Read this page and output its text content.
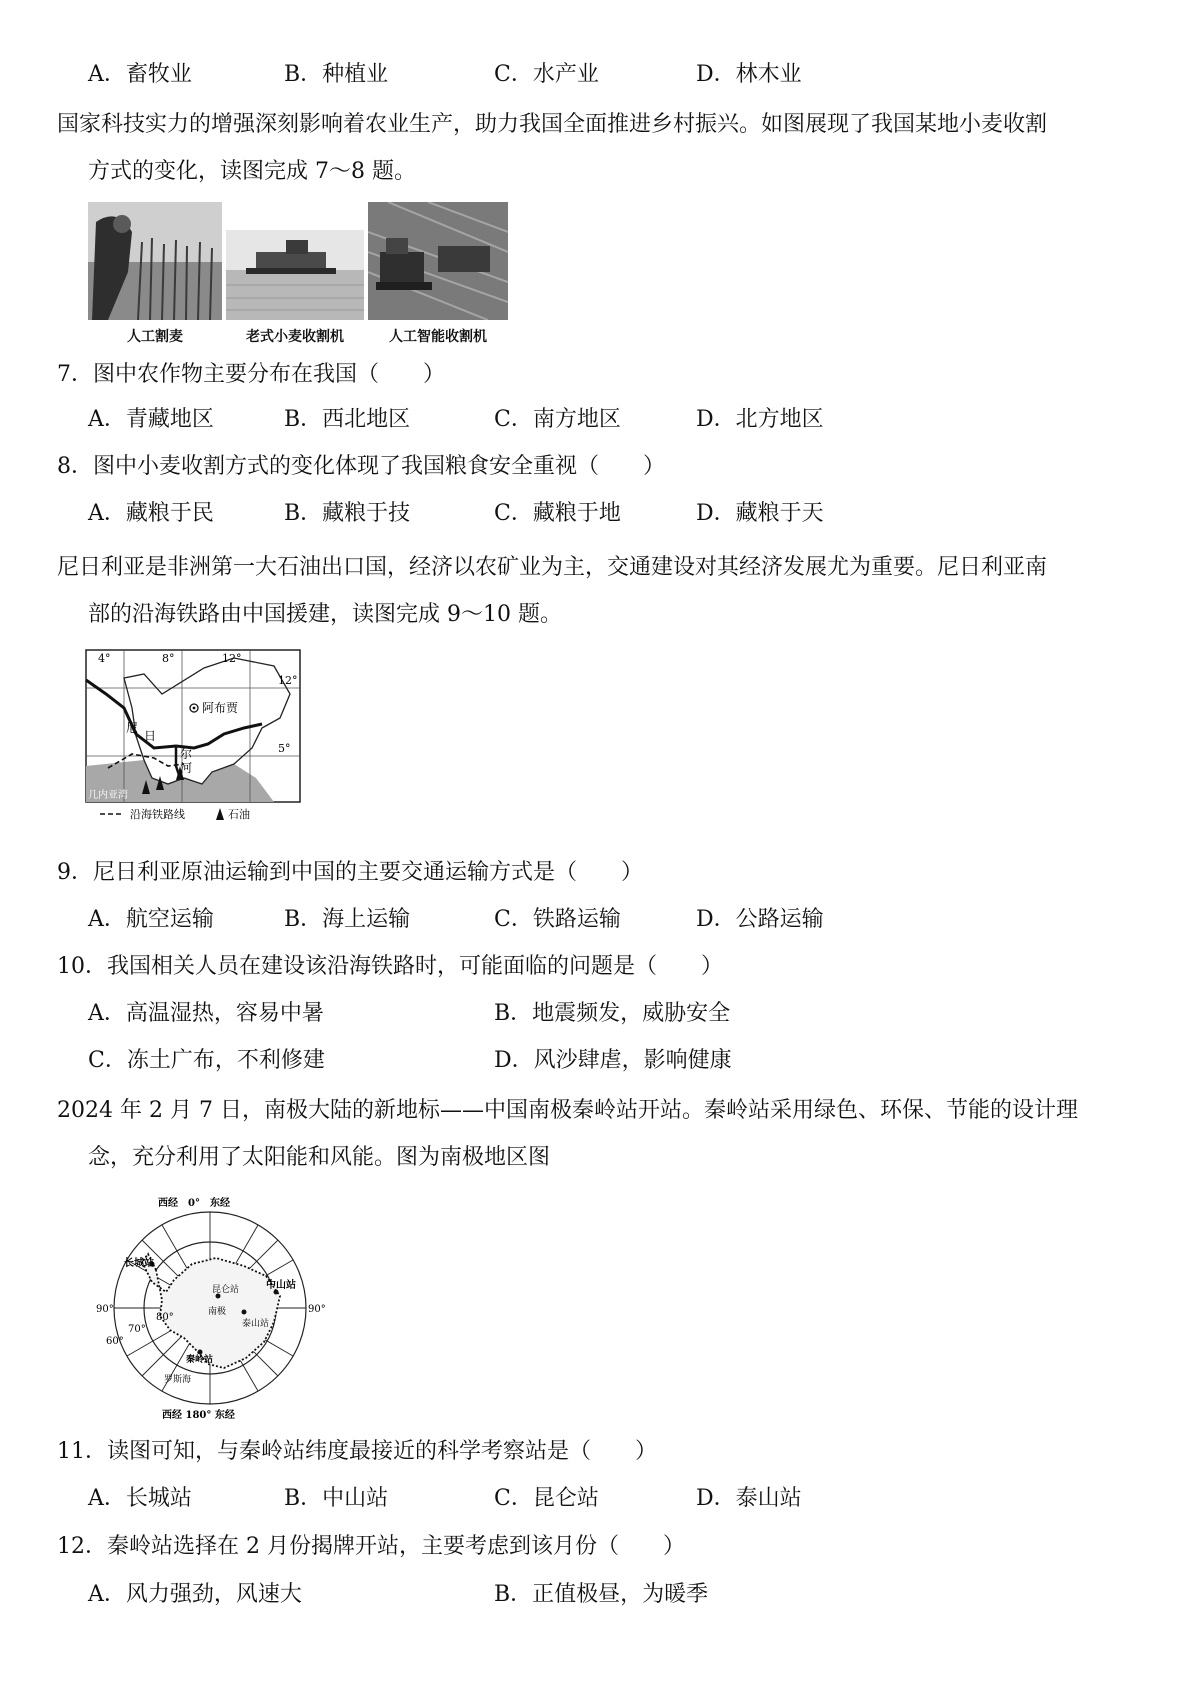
A．畜牧业	B．种植业	C．水产业	D．林木业
国家科技实力的增强深刻影响着农业生产，助力我国全面推进乡村振兴。如图展现了我国某地小麦收割
方式的变化，读图完成 7～8 题。
人工割麦	老式小麦收割机	人工智能收割机
7．图中农作物主要分布在我国（　　）
A．青藏地区	B．西北地区	C．南方地区	D．北方地区
8．图中小麦收割方式的变化体现了我国粮食安全重视（　　）
A．藏粮于民	B．藏粮于技	C．藏粮于地	D．藏粮于天
尼日利亚是非洲第一大石油出口国，经济以农矿业为主，交通建设对其经济发展尤为重要。尼日利亚南
部的沿海铁路由中国援建，读图完成 9～10 题。
4°	8°	12°
12°
5°
阿布贾
尼
日
尔
河
几内亚湾
沿海铁路线	石油
9．尼日利亚原油运输到中国的主要交通运输方式是（　　）
A．航空运输	B．海上运输	C．铁路运输	D．公路运输
10．我国相关人员在建设该沿海铁路时，可能面临的问题是（　　）
A．高温湿热，容易中暑	B．地震频发，威胁安全
C．冻土广布，不利修建	D．风沙肆虐，影响健康
2024 年 2 月 7 日，南极大陆的新地标——中国南极秦岭站开站。秦岭站采用绿色、环保、节能的设计理
念，充分利用了太阳能和风能。图为南极地区图
西经　0°　东经
西经 180° 东经
90°	90°
60°
70°
80°
长城站
中山站
昆仑站
泰山站
秦岭站
南极
罗斯海
11．读图可知，与秦岭站纬度最接近的科学考察站是（　　）
A．长城站	B．中山站	C．昆仑站	D．泰山站
12．秦岭站选择在 2 月份揭牌开站，主要考虑到该月份（　　）
A．风力强劲，风速大	B．正值极昼，为暖季
